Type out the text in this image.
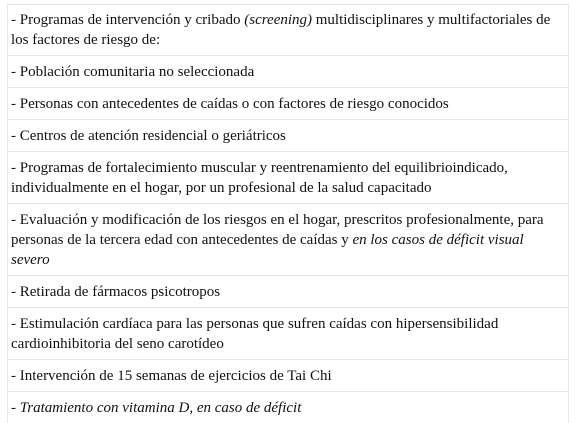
- Programas de intervención y cribado (screening) multidisciplinares y multifactoriales de los factores de riesgo de:
- Población comunitaria no seleccionada
- Personas con antecedentes de caídas o con factores de riesgo conocidos
- Centros de atención residencial o geriátricos
- Programas de fortalecimiento muscular y reentrenamiento del equilibrioindicado, individualmente en el hogar, por un profesional de la salud capacitado
- Evaluación y modificación de los riesgos en el hogar, prescritos profesionalmente, para personas de la tercera edad con antecedentes de caídas y en los casos de déficit visual severo
- Retirada de fármacos psicotropos
- Estimulación cardíaca para las personas que sufren caídas con hipersensibilidad cardioinhibitoria del seno carotídeo
- Intervención de 15 semanas de ejercicios de Tai Chi
- Tratamiento con vitamina D, en caso de déficit
